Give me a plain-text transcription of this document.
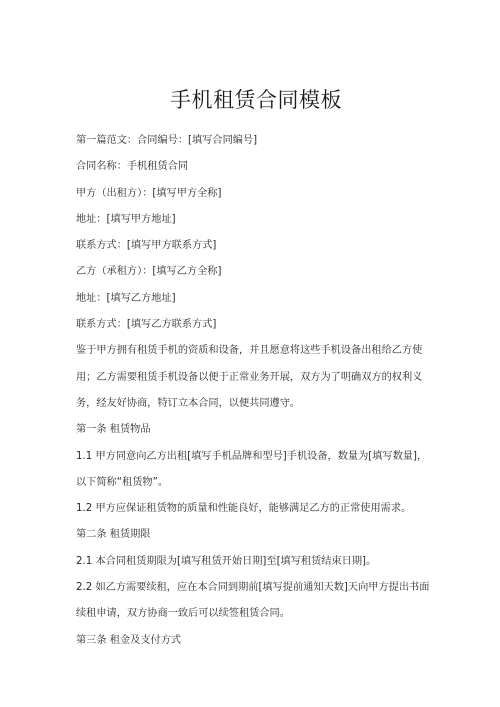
手机租赁合同模板
第一篇范文：合同编号：[填写合同编号]
合同名称：手机租赁合同
甲方（出租方）：[填写甲方全称]
地址：[填写甲方地址]
联系方式：[填写甲方联系方式]
乙方（承租方）：[填写乙方全称]
地址：[填写乙方地址]
联系方式：[填写乙方联系方式]
鉴于甲方拥有租赁手机的资质和设备，并且愿意将这些手机设备出租给乙方使
用；乙方需要租赁手机设备以便于正常业务开展，双方为了明确双方的权利义
务，经友好协商，特订立本合同，以便共同遵守。
第一条 租赁物品
1.1 甲方同意向乙方出租[填写手机品牌和型号]手机设备，数量为[填写数量]，
以下简称“租赁物”。
1.2 甲方应保证租赁物的质量和性能良好，能够满足乙方的正常使用需求。
第二条 租赁期限
2.1 本合同租赁期限为[填写租赁开始日期]至[填写租赁结束日期]。
2.2 如乙方需要续租，应在本合同到期前[填写提前通知天数]天向甲方提出书面
续租申请，双方协商一致后可以续签租赁合同。
第三条 租金及支付方式
